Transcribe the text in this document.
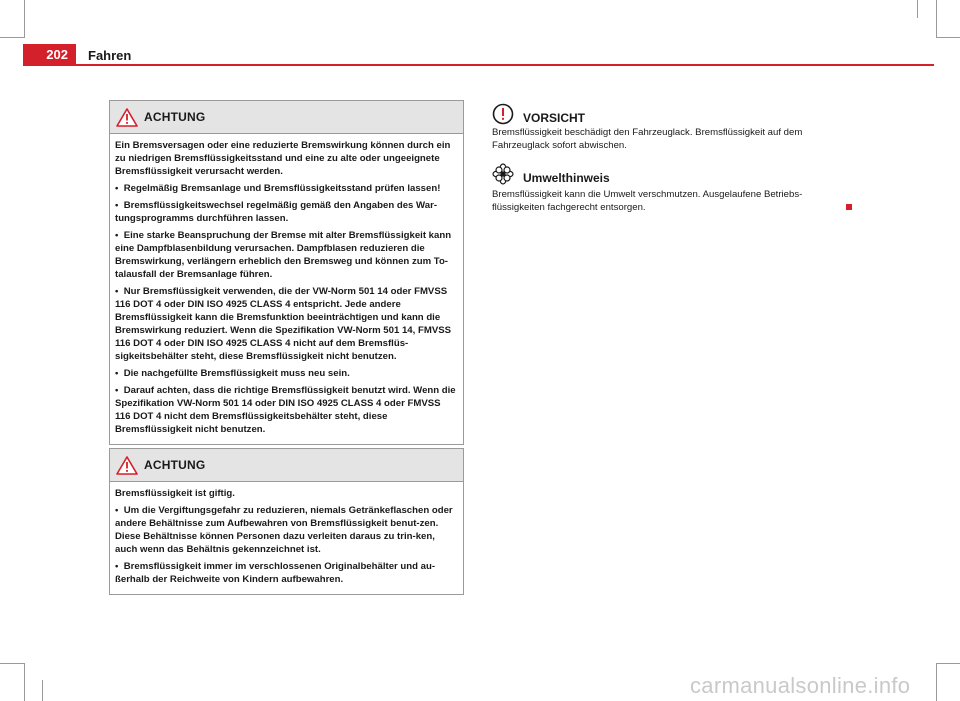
202	Fahren
ACHTUNG

Ein Bremsversagen oder eine reduzierte Bremswirkung können durch ein zu niedrigen Bremsflüssigkeitsstand und eine zu alte oder ungeeignete Bremsflüssigkeit verursacht werden.

•  Regelmäßig Bremsanlage und Bremsflüssigkeitsstand prüfen lassen!

•  Bremsflüssigkeitswechsel regelmäßig gemäß den Angaben des War-tungsprogramms durchführen lassen.

•  Eine starke Beanspruchung der Bremse mit alter Bremsflüssigkeit kann eine Dampfblasenbildung verursachen. Dampfblasen reduzieren die Bremswirkung, verlängern erheblich den Bremsweg und können zum To-talausfall der Bremsanlage führen.

•  Nur Bremsflüssigkeit verwenden, die der VW-Norm 501 14 oder FMVSS 116 DOT 4 oder DIN ISO 4925 CLASS 4 entspricht. Jede andere Bremsflüssigkeit kann die Bremsfunktion beeinträchtigen und kann die Bremswirkung reduziert. Wenn die Spezifikation VW-Norm 501 14, FMVSS 116 DOT 4 oder DIN ISO 4925 CLASS 4 nicht auf dem Bremsflüs-sigkeitsbehälter steht, diese Bremsflüssigkeit nicht benutzen.

•  Die nachgefüllte Bremsflüssigkeit muss neu sein.

•  Darauf achten, dass die richtige Bremsflüssigkeit benutzt wird. Wenn die Spezifikation VW-Norm 501 14 oder DIN ISO 4925 CLASS 4 oder FMVSS 116 DOT 4 nicht dem Bremsflüssigkeitsbehälter steht, diese Bremsflüssigkeit nicht benutzen.

ACHTUNG

Bremsflüssigkeit ist giftig.

•  Um die Vergiftungsgefahr zu reduzieren, niemals Getränkeflaschen oder andere Behältnisse zum Aufbewahren von Bremsflüssigkeit benut-zen. Diese Behältnisse können Personen dazu verleiten daraus zu trin-ken, auch wenn das Behältnis gekennzeichnet ist.

•  Bremsflüssigkeit immer im verschlossenen Originalbehälter und au-ßerhalb der Reichweite von Kindern aufbewahren.

VORSICHT
Bremsflüssigkeit beschädigt den Fahrzeuglack. Bremsflüssigkeit auf dem Fahrzeuglack sofort abwischen.
Umwelthinweis
Bremsflüssigkeit kann die Umwelt verschmutzen. Ausgelaufene Betriebs-flüssigkeiten fachgerecht entsorgen.
carmanualsonline.info
